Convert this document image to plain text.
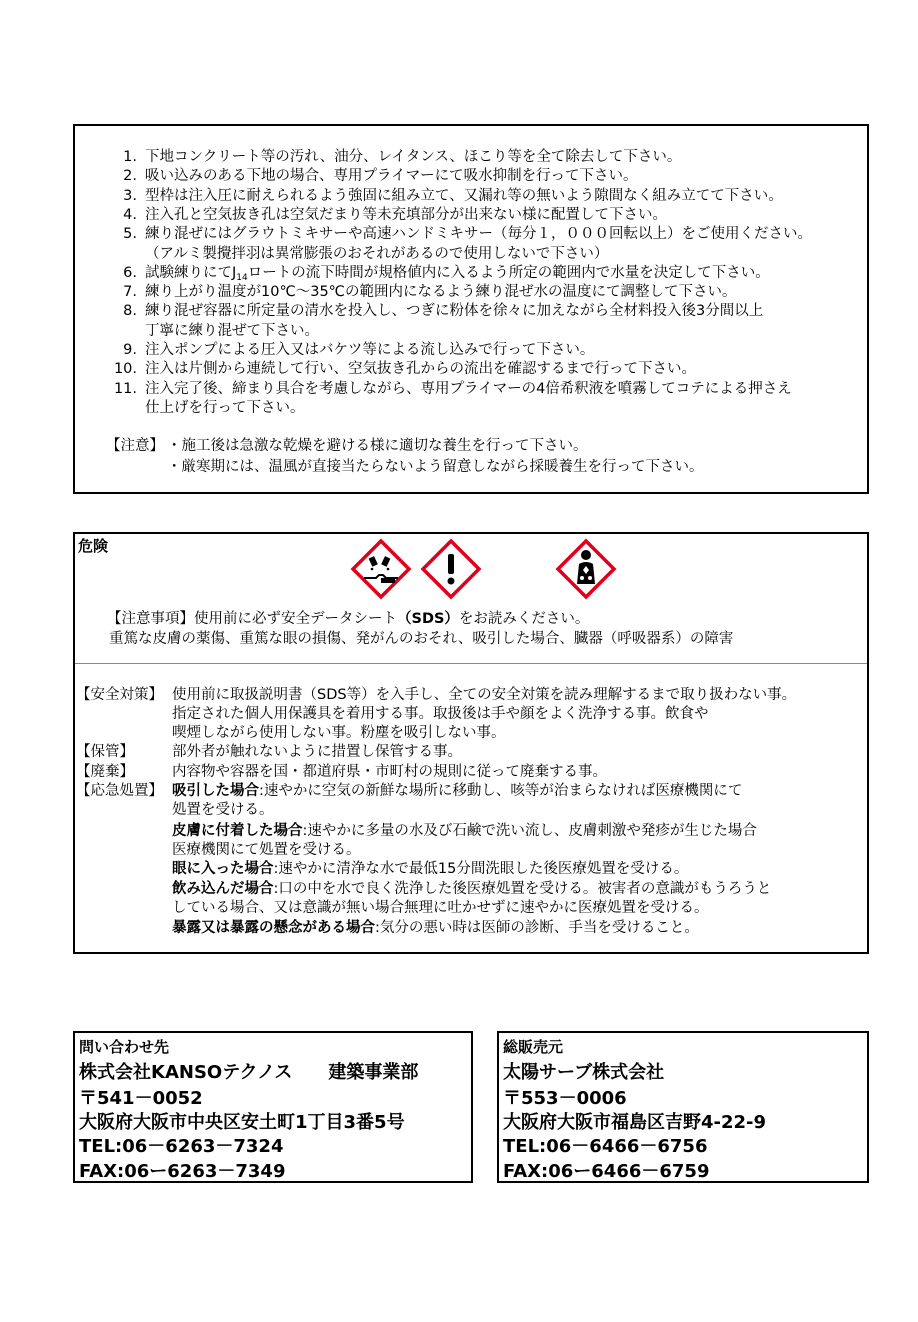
1. 下地コンクリート等の汚れ、油分、レイタンス、ほこり等を全て除去して下さい。
2. 吸い込みのある下地の場合、専用プライマーにて吸水抑制を行って下さい。
3. 型枠は注入圧に耐えられるよう強固に組み立て、又漏れ等の無いよう隙間なく組み立てて下さい。
4. 注入孔と空気抜き孔は空気だまり等未充填部分が出来ない様に配置して下さい。
5. 練り混ぜにはグラウトミキサーや高速ハンドミキサー（毎分１，０００回転以上）をご使用ください。
（アルミ製攪拌羽は異常膨張のおそれがあるので使用しないで下さい）
6. 試験練りにて$J_{14}$ロートの流下時間が規格値内に入るよう所定の範囲内で水量を決定して下さい。
7. 練り上がり温度が10℃～35℃の範囲内になるよう練り混ぜ水の温度にて調整して下さい。
8. 練り混ぜ容器に所定量の清水を投入し、つぎに粉体を徐々に加えながら全材料投入後3分間以上
丁寧に練り混ぜて下さい。
9. 注入ポンプによる圧入又はバケツ等による流し込みで行って下さい。
10. 注入は片側から連続して行い、空気抜き孔からの流出を確認するまで行って下さい。
11. 注入完了後、締まり具合を考慮しながら、専用プライマーの4倍希釈液を噴霧してコテによる押さえ
仕上げを行って下さい。
【注意】 ・施工後は急激な乾燥を避ける様に適切な養生を行って下さい。
・厳寒期には、温風が直接当たらないよう留意しながら採暖養生を行って下さい。
危険
【注意事項】使用前に必ず安全データシート（SDS）をお読みください。
重篤な皮膚の薬傷、重篤な眼の損傷、発がんのおそれ、吸引した場合、臓器（呼吸器系）の障害
【安全対策】 使用前に取扱説明書（SDS等）を入手し、全ての安全対策を読み理解するまで取り扱わない事。
指定された個人用保護具を着用する事。取扱後は手や顔をよく洗浄する事。飲食や
喫煙しながら使用しない事。粉塵を吸引しない事。
【保管】	部外者が触れないように措置し保管する事。
【廃棄】	内容物や容器を国・都道府県・市町村の規則に従って廃棄する事。
【応急処置】 吸引した場合:速やかに空気の新鮮な場所に移動し、咳等が治まらなければ医療機関にて
処置を受ける。
皮膚に付着した場合:速やかに多量の水及び石鹸で洗い流し、皮膚刺激や発疹が生じた場合
医療機関にて処置を受ける。
眼に入った場合:速やかに清浄な水で最低15分間洗眼した後医療処置を受ける。
飲み込んだ場合:口の中を水で良く洗浄した後医療処置を受ける。被害者の意識がもうろうと
している場合、又は意識が無い場合無理に吐かせずに速やかに医療処置を受ける。
暴露又は暴露の懸念がある場合:気分の悪い時は医師の診断、手当を受けること。
問い合わせ先
株式会社KANSOテクノス　　建築事業部
〒541－0052
大阪府大阪市中央区安土町1丁目3番5号
TEL:06－6263－7324
FAX:06ー6263－7349
総販売元
太陽サーブ株式会社
〒553－0006
大阪府大阪市福島区吉野4-22-9
TEL:06－6466－6756
FAX:06ー6466－6759
